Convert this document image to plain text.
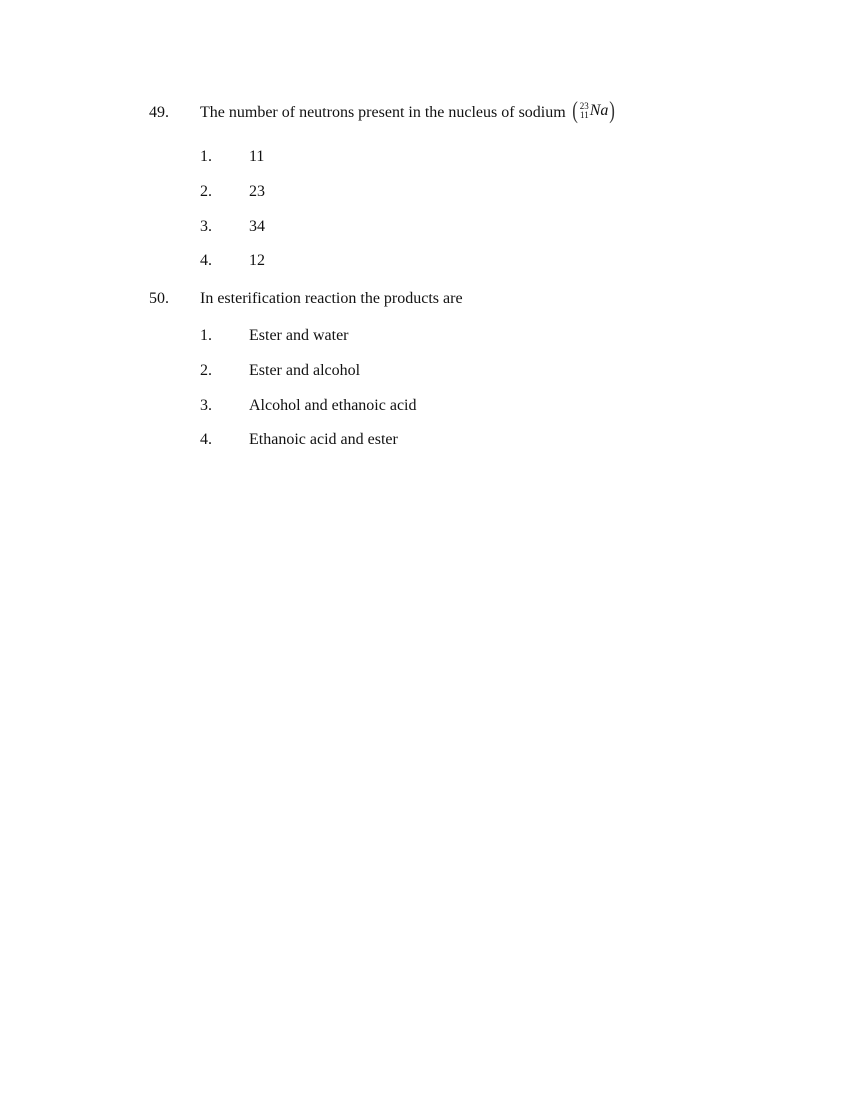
49. The number of neutrons present in the nucleus of sodium ( 23
11 Na )
1. 11
2. 23
3. 34
4. 12
50. In esterification reaction the products are
1. Ester and water
2. Ester and alcohol
3. Alcohol and ethanoic acid
4. Ethanoic acid and ester
